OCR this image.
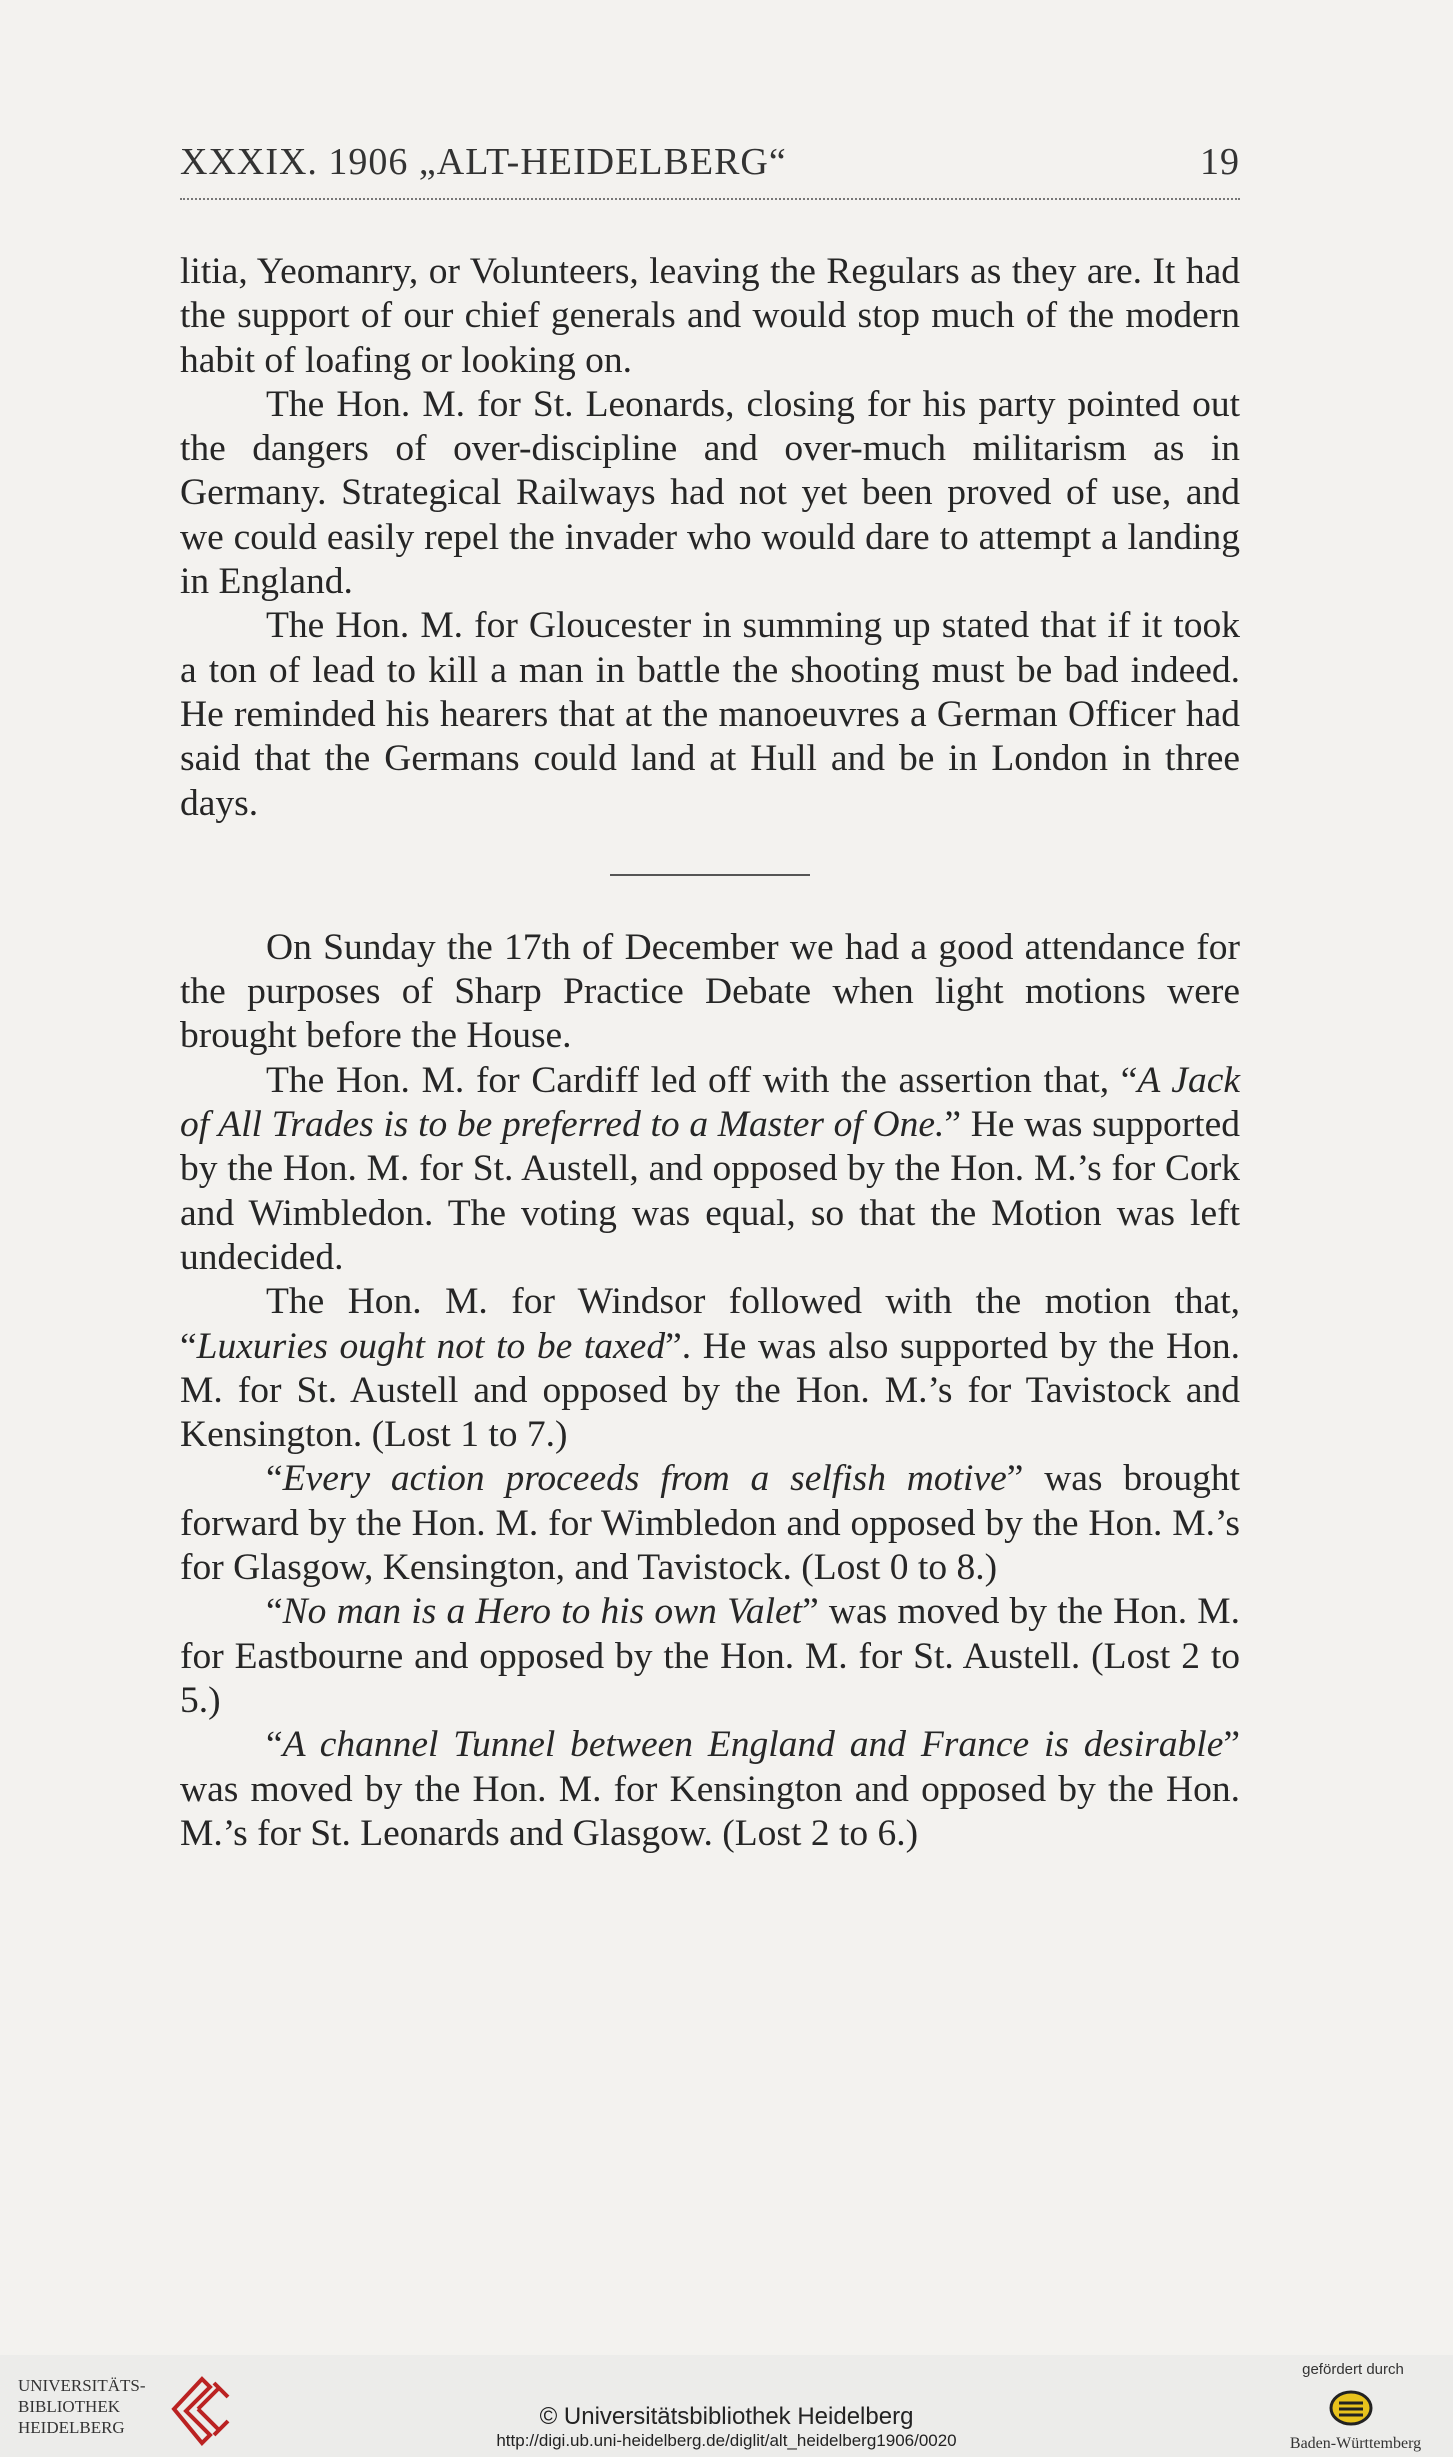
XXXIX. 1906 „ALT-HEIDELBERG“	19

litia, Yeomanry, or Volunteers, leaving the Regulars as they are. It had the support of our chief generals and would stop much of the modern habit of loafing or looking on.

The Hon. M. for St. Leonards, closing for his party pointed out the dangers of over-discipline and over-much militarism as in Germany. Strategical Railways had not yet been proved of use, and we could easily repel the invader who would dare to attempt a landing in England.

The Hon. M. for Gloucester in summing up stated that if it took a ton of lead to kill a man in battle the shooting must be bad indeed. He reminded his hearers that at the manoeuvres a German Officer had said that the Germans could land at Hull and be in London in three days.

On Sunday the 17th of December we had a good attendance for the purposes of Sharp Practice Debate when light motions were brought before the House.

The Hon. M. for Cardiff led off with the assertion that, “A Jack of All Trades is to be preferred to a Master of One.” He was supported by the Hon. M. for St. Austell, and opposed by the Hon. M.’s for Cork and Wimbledon. The voting was equal, so that the Motion was left undecided.

The Hon. M. for Windsor followed with the motion that, “Luxuries ought not to be taxed”. He was also supported by the Hon. M. for St. Austell and opposed by the Hon. M.’s for Tavistock and Kensington. (Lost 1 to 7.)

“Every action proceeds from a selfish motive” was brought forward by the Hon. M. for Wimbledon and opposed by the Hon. M.’s for Glasgow, Kensington, and Tavistock. (Lost 0 to 8.)

“No man is a Hero to his own Valet” was moved by the Hon. M. for Eastbourne and opposed by the Hon. M. for St. Austell. (Lost 2 to 5.)

“A channel Tunnel between England and France is desirable” was moved by the Hon. M. for Kensington and opposed by the Hon. M.’s for St. Leonards and Glasgow. (Lost 2 to 6.)

UNIVERSITÄTS-
BIBLIOTHEK
HEIDELBERG	© Universitätsbibliothek Heidelberg
http://digi.ub.uni-heidelberg.de/diglit/alt_heidelberg1906/0020
gefördert durch
Baden-Württemberg
